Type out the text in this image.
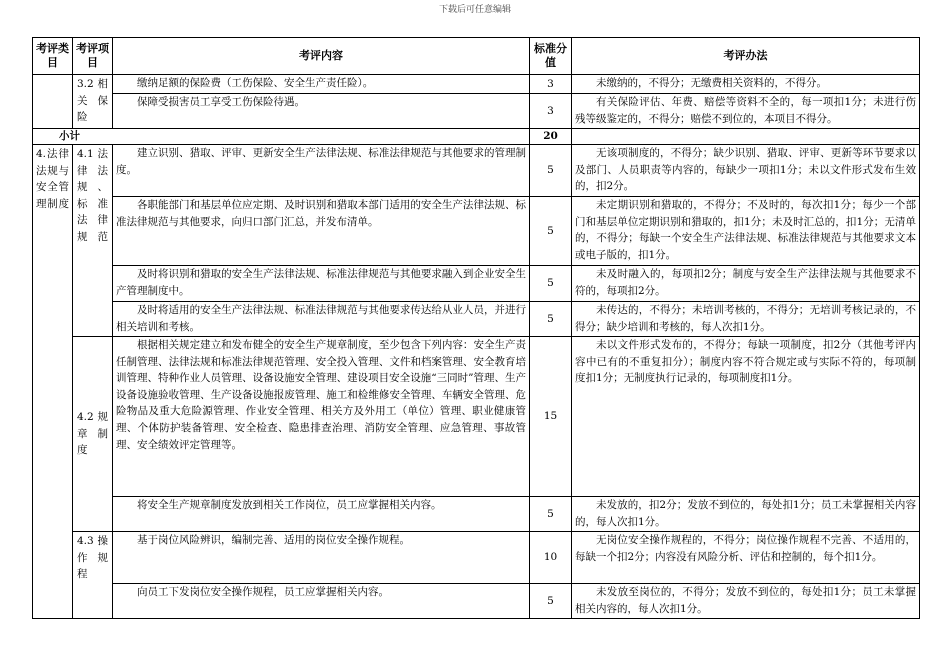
下载后可任意编辑
考评类目	考评项目	考评内容	标准分值	考评办法
	3.2 相关保险	缴纳足额的保险费（工伤保险、安全生产责任险）。	3	未缴纳的，不得分；无缴费相关资料的，不得分。
		保障受损害员工享受工伤保险待遇。	3	有关保险评估、年费、赔偿等资料不全的，每一项扣1分；未进行伤残等级鉴定的，不得分；赔偿不到位的，本项目不得分。
小计			20	
4.法律法规与安全管理制度	4.1法律法规、标准法律规范	建立识别、猎取、评审、更新安全生产法律法规、标准法律规范与其他要求的管理制度。	5	无该项制度的，不得分；缺少识别、猎取、评审、更新等环节要求以及部门、人员职责等内容的，每缺少一项扣1分；未以文件形式发布生效的，扣2分。
		各职能部门和基层单位应定期、及时识别和猎取本部门适用的安全生产法律法规、标准法律规范与其他要求，向归口部门汇总，并发布清单。	5	未定期识别和猎取的，不得分；不及时的，每次扣1分；每少一个部门和基层单位定期识别和猎取的，扣1分；未及时汇总的，扣1分；无清单的，不得分；每缺一个安全生产法律法规、标准法律规范与其他要求文本或电子版的，扣1分。
		及时将识别和猎取的安全生产法律法规、标准法律规范与其他要求融入到企业安全生产管理制度中。	5	未及时融入的，每项扣2分；制度与安全生产法律法规与其他要求不符的，每项扣2分。
		及时将适用的安全生产法律法规、标准法律规范与其他要求传达给从业人员，并进行相关培训和考核。	5	未传达的，不得分；未培训考核的，不得分；无培训考核记录的，不得分；缺少培训和考核的，每人次扣1分。
	4.2规章制度	根据相关规定建立和发布健全的安全生产规章制度，至少包含下列内容：安全生产责任制管理、法律法规和标准法律规范管理、安全投入管理、文件和档案管理、安全教育培训管理、特种作业人员管理、设备设施安全管理、建设项目安全设施“三同时”管理、生产设备设施验收管理、生产设备设施报废管理、施工和检维修安全管理、车辆安全管理、危险物品及重大危险源管理、作业安全管理、相关方及外用工（单位）管理、职业健康管理、个体防护装备管理、安全检查、隐患排查治理、消防安全管理、应急管理、事故管理、安全绩效评定管理等。	15	未以文件形式发布的，不得分；每缺一项制度，扣2分（其他考评内容中已有的不重复扣分）；制度内容不符合规定或与实际不符的，每项制度扣1分；无制度执行记录的，每项制度扣1分。
		将安全生产规章制度发放到相关工作岗位，员工应掌握相关内容。	5	未发放的，扣2分；发放不到位的，每处扣1分；员工未掌握相关内容的，每人次扣1分。
	4.3操作规程	基于岗位风险辨识，编制完善、适用的岗位安全操作规程。	10	无岗位安全操作规程的，不得分；岗位操作规程不完善、不适用的，每缺一个扣2分；内容没有风险分析、评估和控制的，每个扣1分。
		向员工下发岗位安全操作规程，员工应掌握相关内容。	5	未发放至岗位的，不得分；发放不到位的，每处扣1分；员工未掌握相关内容的，每人次扣1分。
